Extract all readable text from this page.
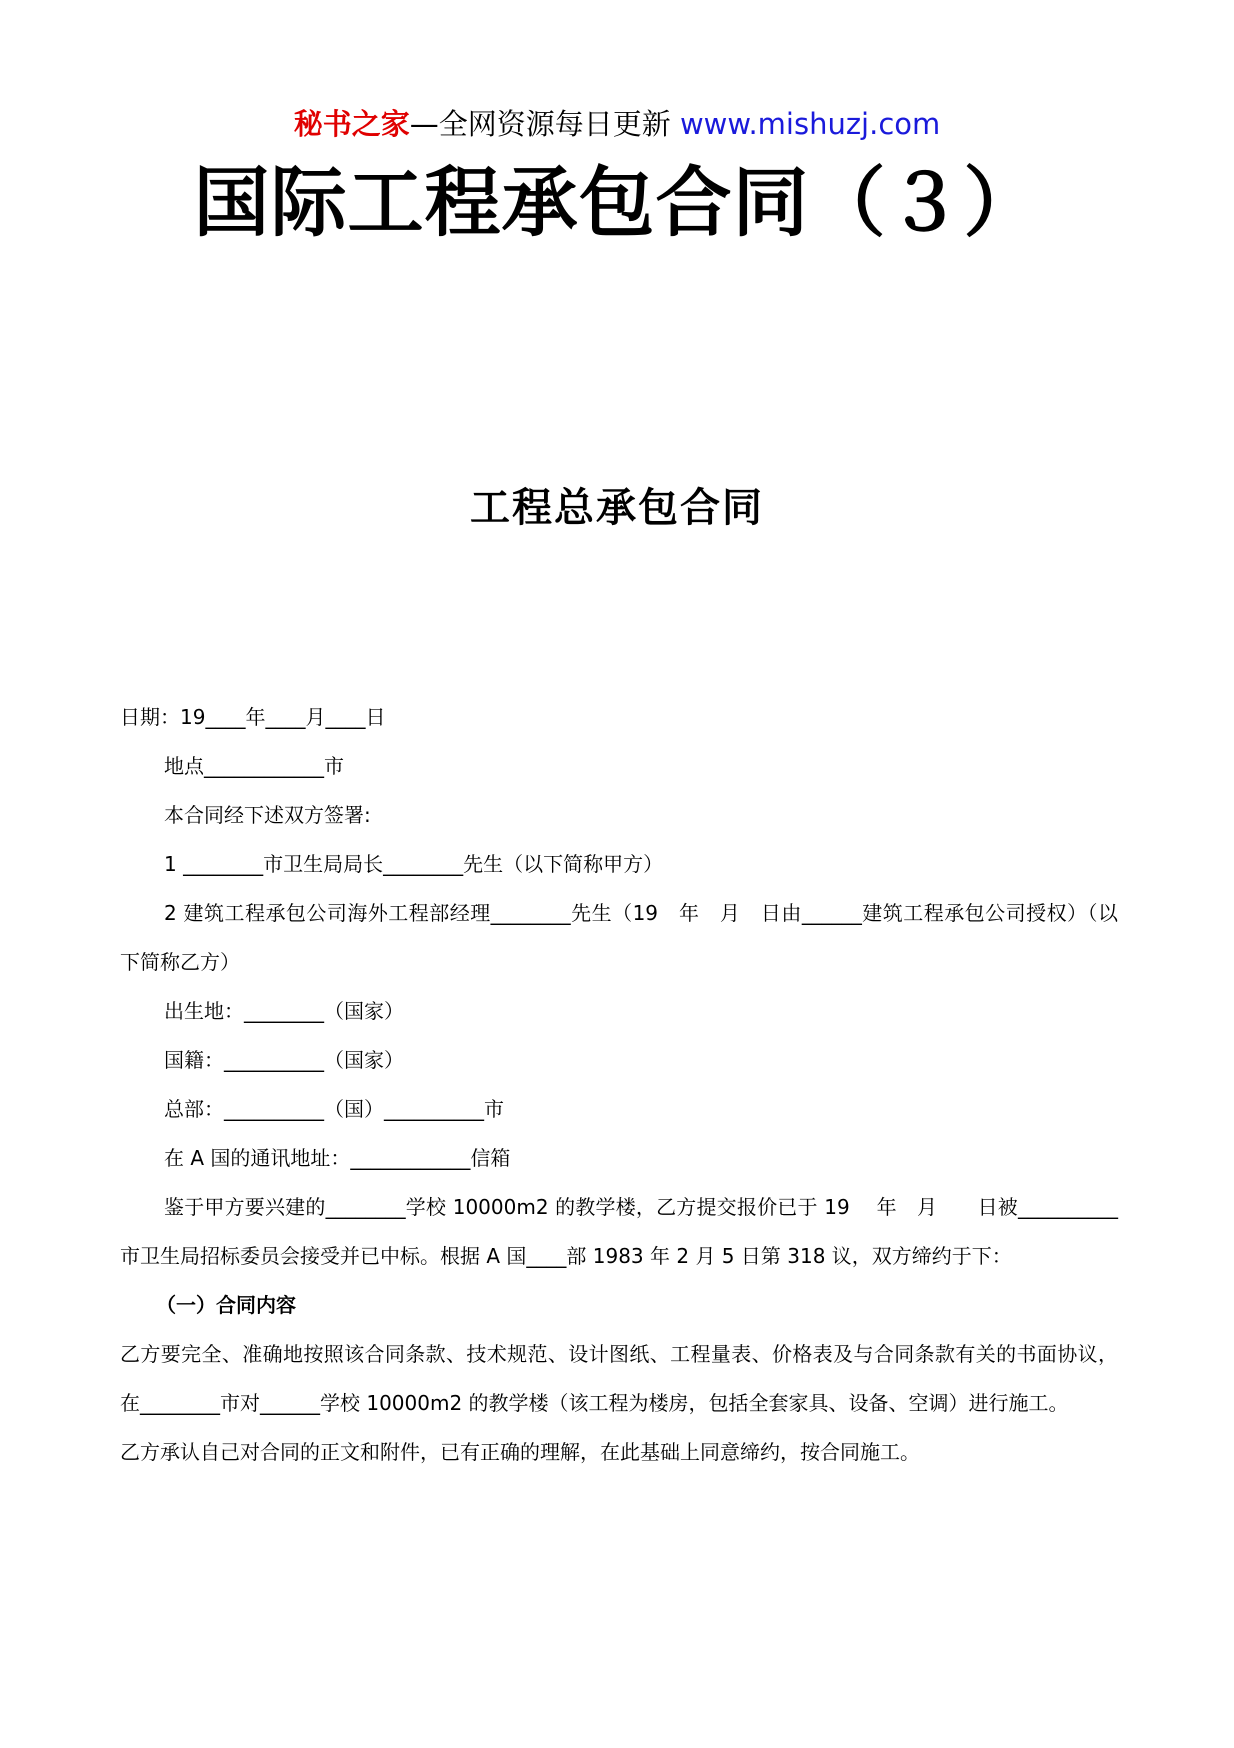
秘书之家—全网资源每日更新 www.mishuzj.com
国际工程承包合同（３）
工程总承包合同

日期：19____年____月____日

地点____________市

本合同经下述双方签署:

1 ________市卫生局局长________先生（以下简称甲方）

2 建筑工程承包公司海外工程部经理________先生（19　年　月　日由______建筑工程承包公司授权）（以下简称乙方）

出生地：________（国家）

国籍：__________（国家）

总部：__________（国）__________市

在 A 国的通讯地址：____________信箱

鉴于甲方要兴建的________学校 10000m2 的教学楼，乙方提交报价已于 19　 年　月　　日被__________市卫生局招标委员会接受并已中标。根据 A 国____部 1983 年 2 月 5 日第 318 议，双方缔约于下：

（一）合同内容

乙方要完全、准确地按照该合同条款、技术规范、设计图纸、工程量表、价格表及与合同条款有关的书面协议，在________市对______学校 10000m2 的教学楼（该工程为楼房，包括全套家具、设备、空调）进行施工。

乙方承认自己对合同的正文和附件，已有正确的理解，在此基础上同意缔约，按合同施工。
